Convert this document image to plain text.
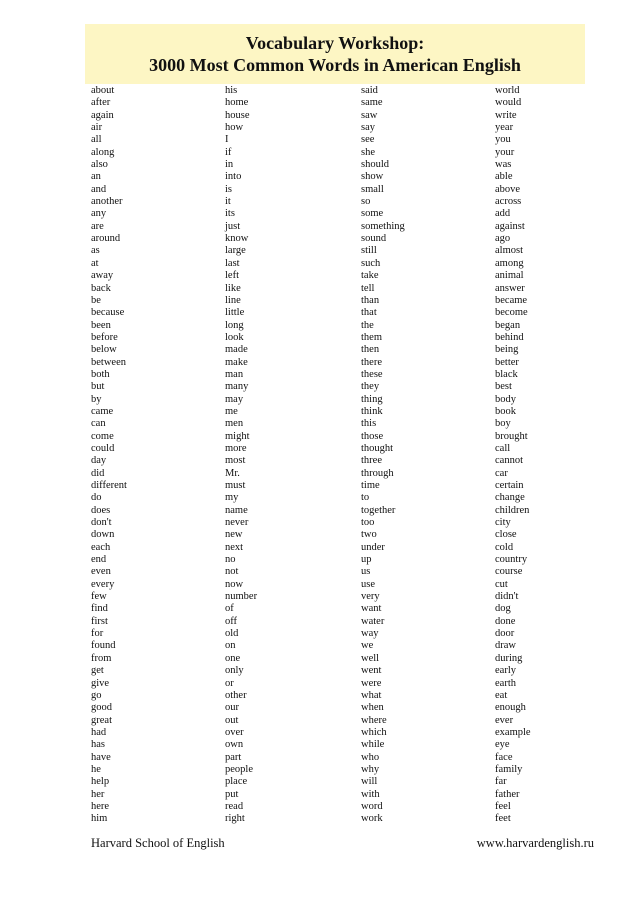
Vocabulary Workshop:
3000 Most Common Words in American English
about
after
again
air
all
along
also
an
and
another
any
are
around
as
at
away
back
be
because
been
before
below
between
both
but
by
came
can
come
could
day
did
different
do
does
don't
down
each
end
even
every
few
find
first
for
found
from
get
give
go
good
great
had
has
have
he
help
her
here
him
his
home
house
how
I
if
in
into
is
it
its
just
know
large
last
left
like
line
little
long
look
made
make
man
many
may
me
men
might
more
most
Mr.
must
my
name
never
new
next
no
not
now
number
of
off
old
on
one
only
or
other
our
out
over
own
part
people
place
put
read
right
said
same
saw
say
see
she
should
show
small
so
some
something
sound
still
such
take
tell
than
that
the
them
then
there
these
they
thing
think
this
those
thought
three
through
time
to
together
too
two
under
up
us
use
very
want
water
way
we
well
went
were
what
when
where
which
while
who
why
will
with
word
work
world
would
write
year
you
your
was
able
above
across
add
against
ago
almost
among
animal
answer
became
become
began
behind
being
better
black
best
body
book
boy
brought
call
cannot
car
certain
change
children
city
close
cold
country
course
cut
didn't
dog
done
door
draw
during
early
earth
eat
enough
ever
example
eye
face
family
far
father
feel
feet
Harvard School of English	www.harvardenglish.ru
